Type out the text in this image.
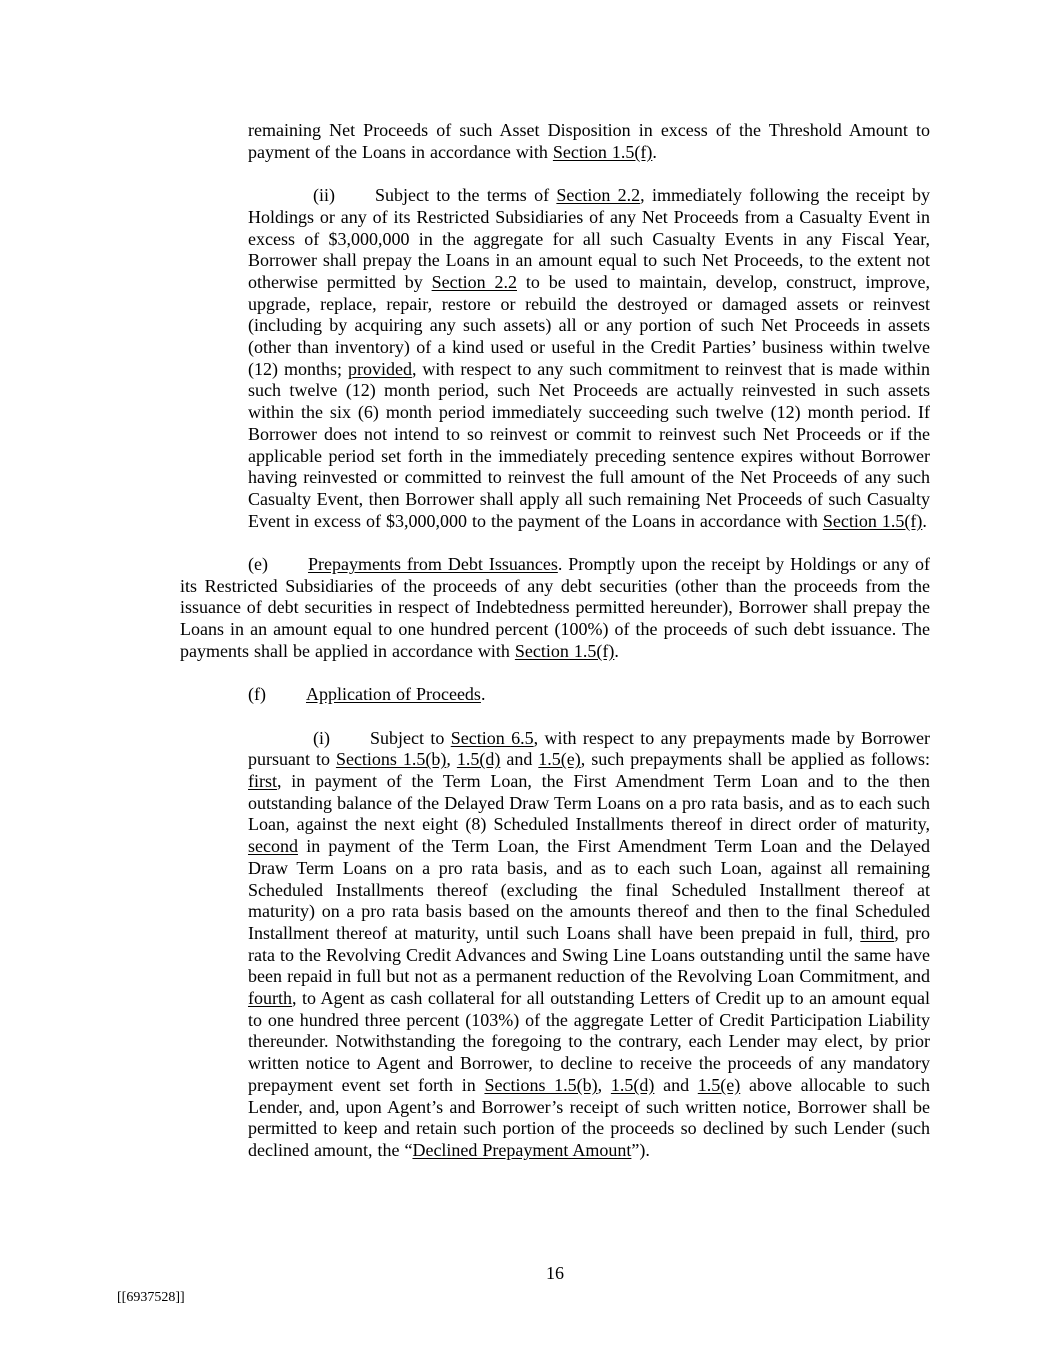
remaining Net Proceeds of such Asset Disposition in excess of the Threshold Amount to payment of the Loans in accordance with Section 1.5(f).
(ii) Subject to the terms of Section 2.2, immediately following the receipt by Holdings or any of its Restricted Subsidiaries of any Net Proceeds from a Casualty Event in excess of $3,000,000 in the aggregate for all such Casualty Events in any Fiscal Year, Borrower shall prepay the Loans in an amount equal to such Net Proceeds, to the extent not otherwise permitted by Section 2.2 to be used to maintain, develop, construct, improve, upgrade, replace, repair, restore or rebuild the destroyed or damaged assets or reinvest (including by acquiring any such assets) all or any portion of such Net Proceeds in assets (other than inventory) of a kind used or useful in the Credit Parties’ business within twelve (12) months; provided, with respect to any such commitment to reinvest that is made within such twelve (12) month period, such Net Proceeds are actually reinvested in such assets within the six (6) month period immediately succeeding such twelve (12) month period. If Borrower does not intend to so reinvest or commit to reinvest such Net Proceeds or if the applicable period set forth in the immediately preceding sentence expires without Borrower having reinvested or committed to reinvest the full amount of the Net Proceeds of any such Casualty Event, then Borrower shall apply all such remaining Net Proceeds of such Casualty Event in excess of $3,000,000 to the payment of the Loans in accordance with Section 1.5(f).
(e) Prepayments from Debt Issuances. Promptly upon the receipt by Holdings or any of its Restricted Subsidiaries of the proceeds of any debt securities (other than the proceeds from the issuance of debt securities in respect of Indebtedness permitted hereunder), Borrower shall prepay the Loans in an amount equal to one hundred percent (100%) of the proceeds of such debt issuance. The payments shall be applied in accordance with Section 1.5(f).
(f) Application of Proceeds.
(i) Subject to Section 6.5, with respect to any prepayments made by Borrower pursuant to Sections 1.5(b), 1.5(d) and 1.5(e), such prepayments shall be applied as follows: first, in payment of the Term Loan, the First Amendment Term Loan and to the then outstanding balance of the Delayed Draw Term Loans on a pro rata basis, and as to each such Loan, against the next eight (8) Scheduled Installments thereof in direct order of maturity, second in payment of the Term Loan, the First Amendment Term Loan and the Delayed Draw Term Loans on a pro rata basis, and as to each such Loan, against all remaining Scheduled Installments thereof (excluding the final Scheduled Installment thereof at maturity) on a pro rata basis based on the amounts thereof and then to the final Scheduled Installment thereof at maturity, until such Loans shall have been prepaid in full, third, pro rata to the Revolving Credit Advances and Swing Line Loans outstanding until the same have been repaid in full but not as a permanent reduction of the Revolving Loan Commitment, and fourth, to Agent as cash collateral for all outstanding Letters of Credit up to an amount equal to one hundred three percent (103%) of the aggregate Letter of Credit Participation Liability thereunder. Notwithstanding the foregoing to the contrary, each Lender may elect, by prior written notice to Agent and Borrower, to decline to receive the proceeds of any mandatory prepayment event set forth in Sections 1.5(b), 1.5(d) and 1.5(e) above allocable to such Lender, and, upon Agent’s and Borrower’s receipt of such written notice, Borrower shall be permitted to keep and retain such portion of the proceeds so declined by such Lender (such declined amount, the “Declined Prepayment Amount”).
16
[[6937528]]
